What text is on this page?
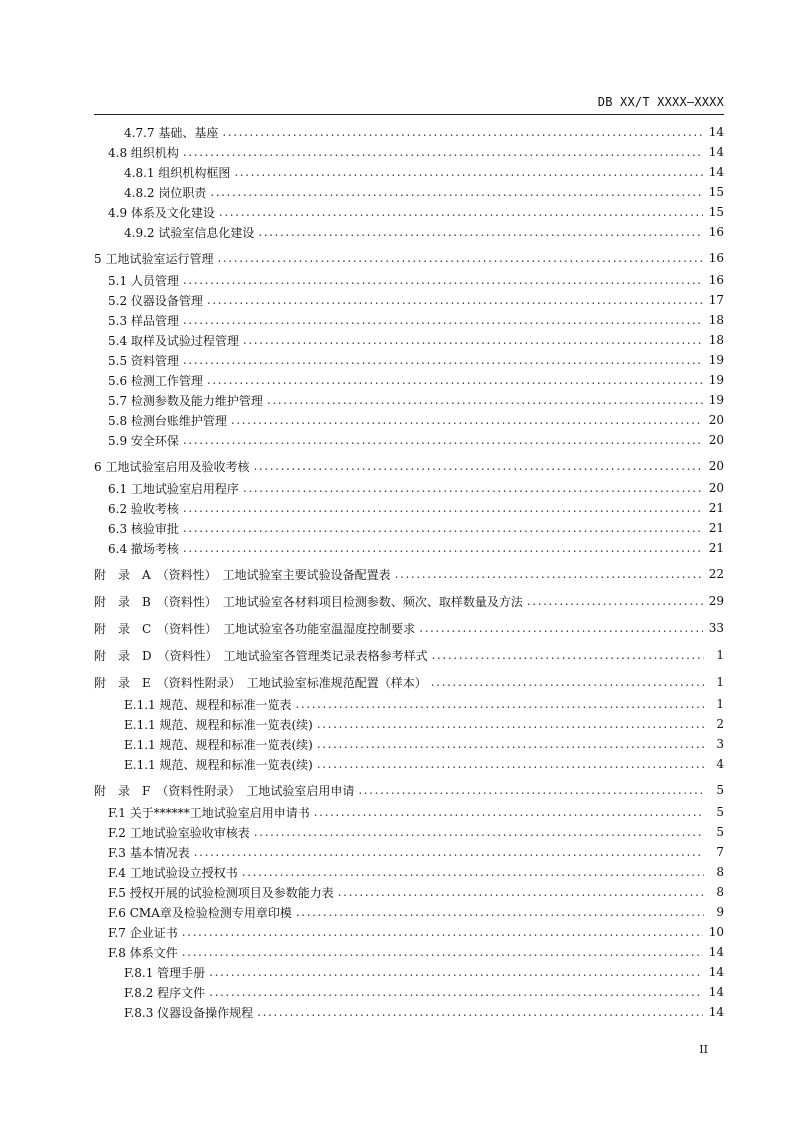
DB XX/T XXXX—XXXX
4.7.7 基础、基座 .....	14
4.8 组织机构 .....	14
4.8.1 组织机构框图 .....	14
4.8.2 岗位职责 .....	15
4.9 体系及文化建设 .....	15
4.9.2 试验室信息化建设 .....	16
5 工地试验室运行管理 .....	16
5.1 人员管理 .....	16
5.2 仪器设备管理 .....	17
5.3 样品管理 .....	18
5.4 取样及试验过程管理 .....	18
5.5 资料管理 .....	19
5.6 检测工作管理 .....	19
5.7 检测参数及能力维护管理 .....	19
5.8 检测台账维护管理 .....	20
5.9 安全环保 .....	20
6 工地试验室启用及验收考核 .....	20
6.1 工地试验室启用程序 .....	20
6.2 验收考核 .....	21
6.3 核验审批 .....	21
6.4 撤场考核 .....	21
附　录　A　（资料性）　工地试验室主要试验设备配置表 .....	22
附　录　B　（资料性）　工地试验室各材料项目检测参数、频次、取样数量及方法 .....	29
附　录　C　（资料性）　工地试验室各功能室温湿度控制要求 .....	33
附　录　D　（资料性）　工地试验室各管理类记录表格参考样式 .....	1
附　录　E　（资料性附录）　工地试验室标准规范配置（样本） .....	1
E.1.1 规范、规程和标准一览表 .....	1
E.1.1 规范、规程和标准一览表(续) .....	2
E.1.1 规范、规程和标准一览表(续) .....	3
E.1.1 规范、规程和标准一览表(续) .....	4
附　录　F　（资料性附录）　工地试验室启用申请 .....	5
F.1 关于******工地试验室启用申请书 .....	5
F.2 工地试验室验收审核表 .....	5
F.3 基本情况表 .....	7
F.4 工地试验设立授权书 .....	8
F.5 授权开展的试验检测项目及参数能力表 .....	8
F.6 CMA章及检验检测专用章印模 .....	9
F.7 企业证书 .....	10
F.8 体系文件 .....	14
F.8.1 管理手册 .....	14
F.8.2 程序文件 .....	14
F.8.3 仪器设备操作规程 .....	14
II
